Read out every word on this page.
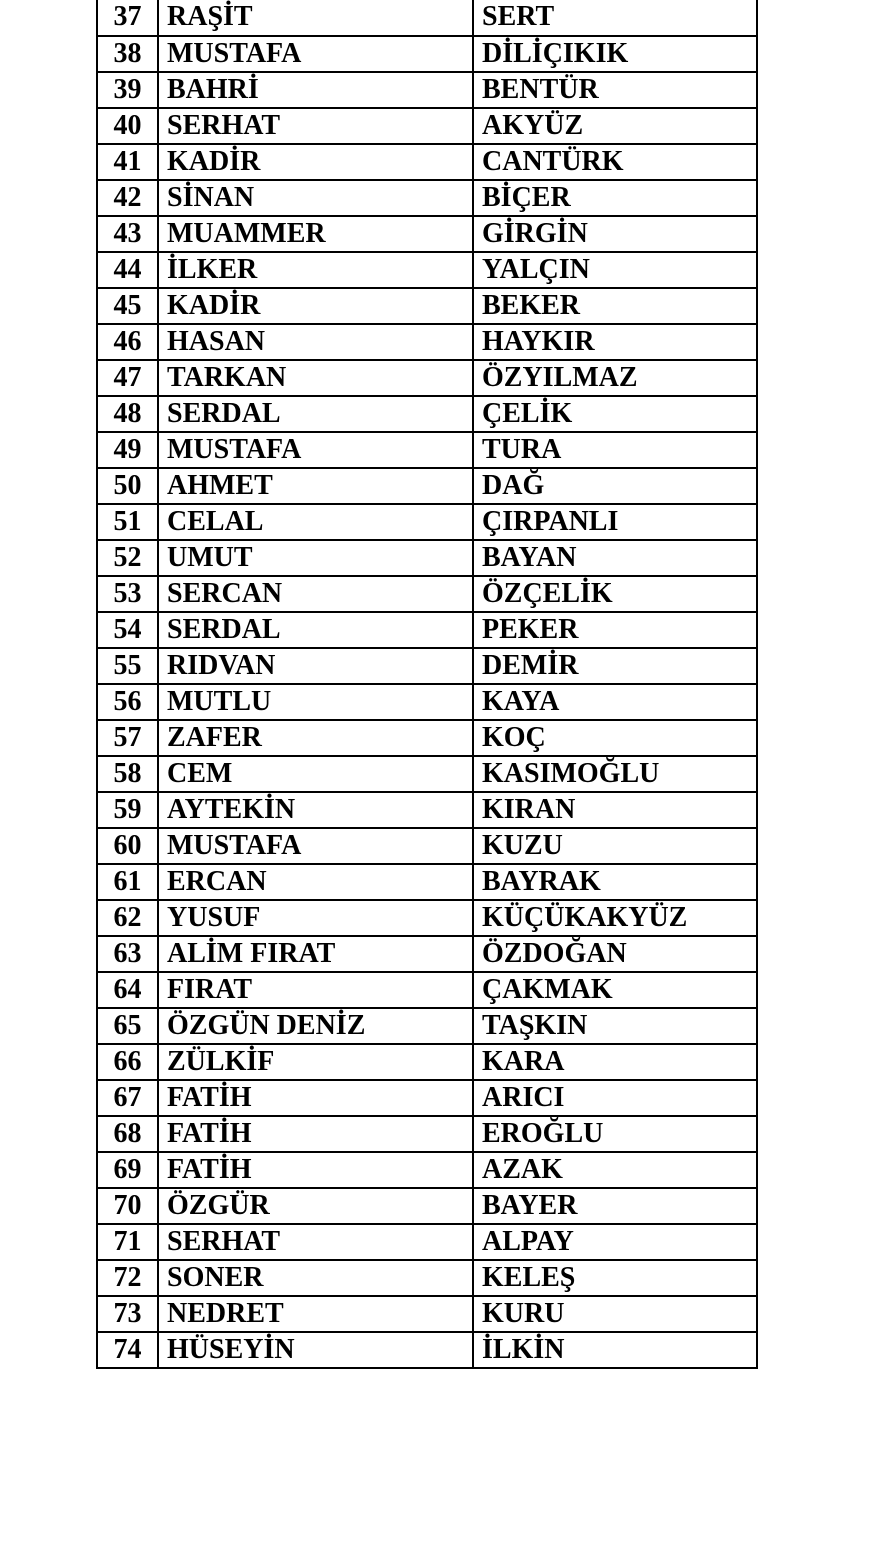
37	RAŞİT	SERT
38	MUSTAFA	DİLİÇIKIK
39	BAHRİ	BENTÜR
40	SERHAT	AKYÜZ
41	KADİR	CANTÜRK
42	SİNAN	BİÇER
43	MUAMMER	GİRGİN
44	İLKER	YALÇIN
45	KADİR	BEKER
46	HASAN	HAYKIR
47	TARKAN	ÖZYILMAZ
48	SERDAL	ÇELİK
49	MUSTAFA	TURA
50	AHMET	DAĞ
51	CELAL	ÇIRPANLI
52	UMUT	BAYAN
53	SERCAN	ÖZÇELİK
54	SERDAL	PEKER
55	RIDVAN	DEMİR
56	MUTLU	KAYA
57	ZAFER	KOÇ
58	CEM	KASIMOĞLU
59	AYTEKİN	KIRAN
60	MUSTAFA	KUZU
61	ERCAN	BAYRAK
62	YUSUF	KÜÇÜKAKYÜZ
63	ALİM FIRAT	ÖZDOĞAN
64	FIRAT	ÇAKMAK
65	ÖZGÜN DENİZ	TAŞKIN
66	ZÜLKİF	KARA
67	FATİH	ARICI
68	FATİH	EROĞLU
69	FATİH	AZAK
70	ÖZGÜR	BAYER
71	SERHAT	ALPAY
72	SONER	KELEŞ
73	NEDRET	KURU
74	HÜSEYİN	İLKİN
